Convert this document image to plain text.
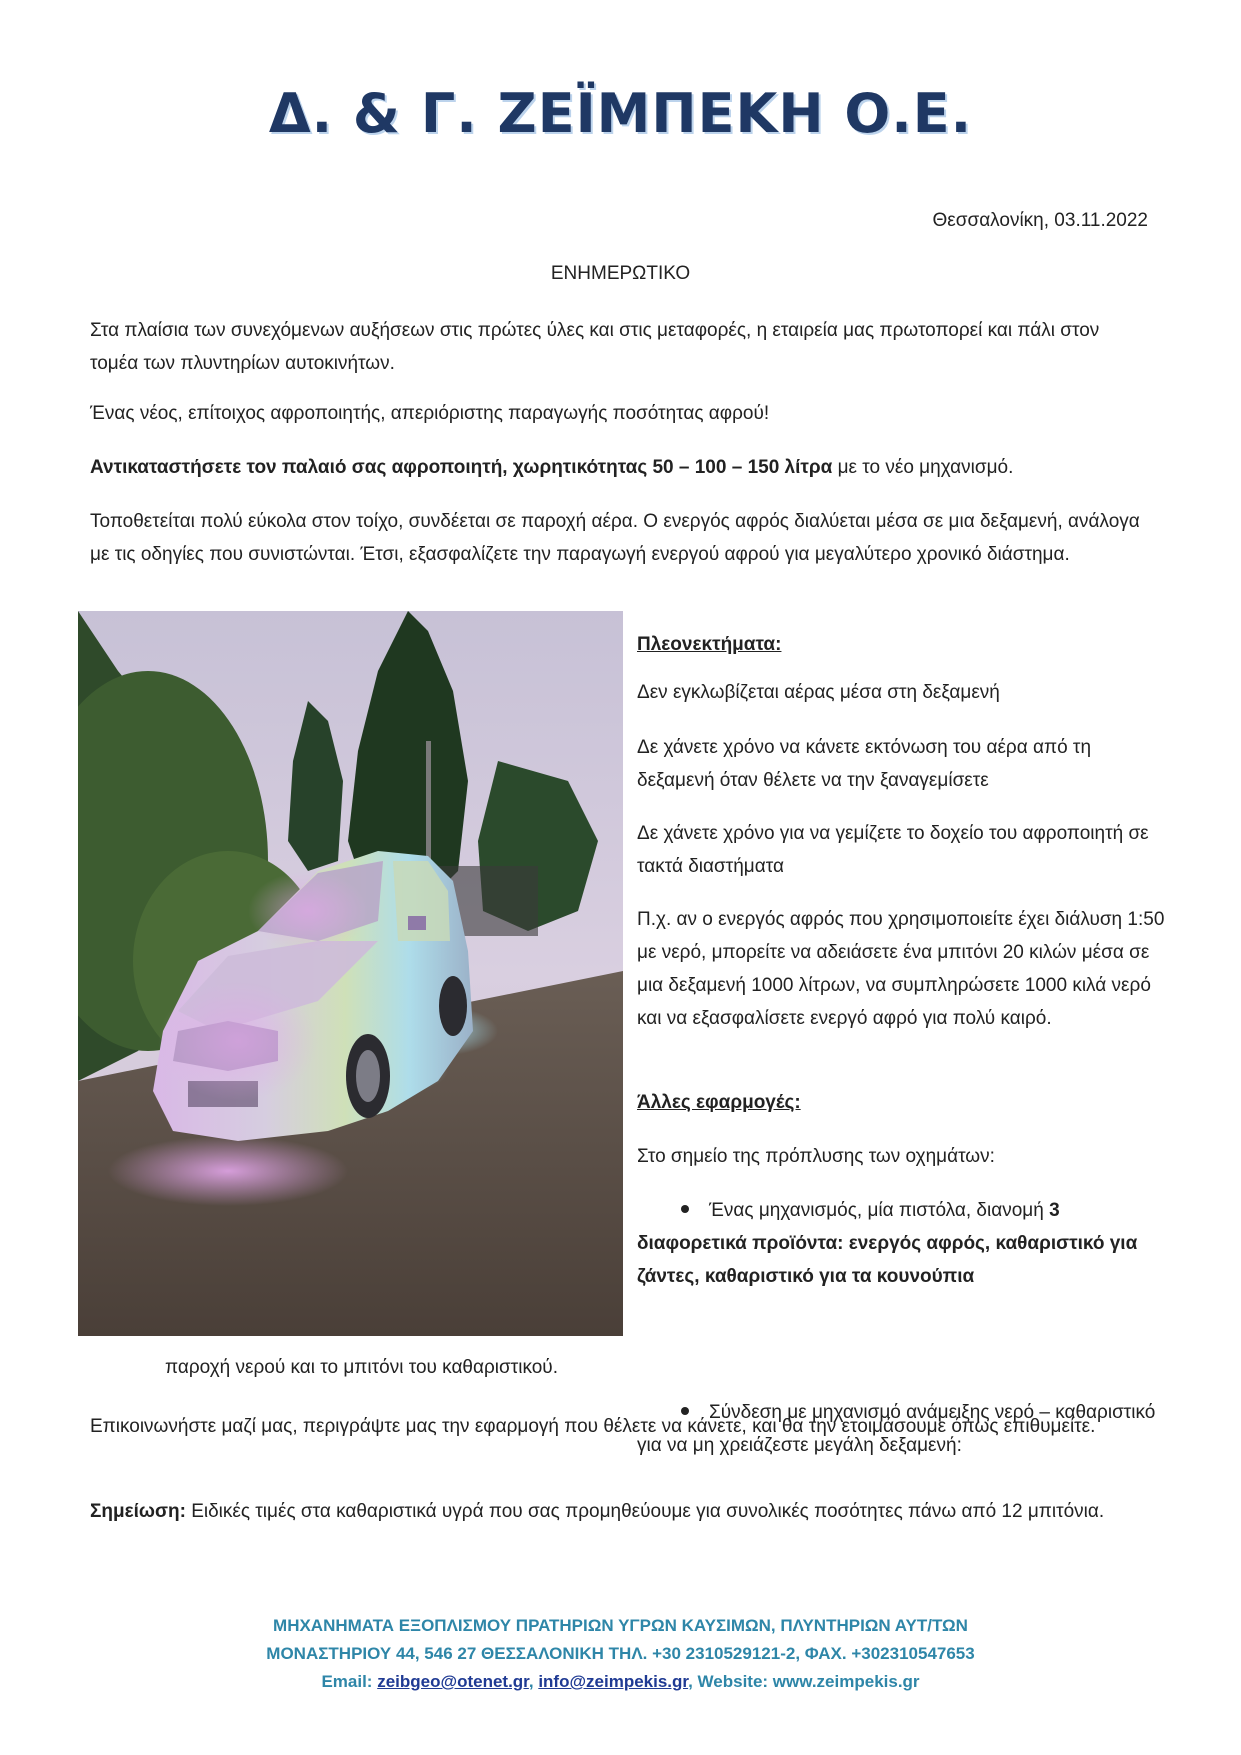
Δ. & Γ. ΖΕΪΜΠΕΚΗ Ο.Ε.
Θεσσαλονίκη, 03.11.2022
ΕΝΗΜΕΡΩΤΙΚΟ
Στα πλαίσια των συνεχόμενων αυξήσεων στις πρώτες ύλες και στις μεταφορές, η εταιρεία μας πρωτοπορεί και πάλι στον τομέα των πλυντηρίων αυτοκινήτων.
Ένας νέος, επίτοιχος αφροποιητής, απεριόριστης παραγωγής ποσότητας αφρού!
Αντικαταστήσετε τον παλαιό σας αφροποιητή, χωρητικότητας 50 – 100 – 150 λίτρα με το νέο μηχανισμό.
Τοποθετείται πολύ εύκολα στον τοίχο, συνδέεται σε παροχή αέρα. Ο ενεργός αφρός διαλύεται μέσα σε μια δεξαμενή, ανάλογα με τις οδηγίες που συνιστώνται. Έτσι, εξασφαλίζετε την παραγωγή ενεργού αφρού για μεγαλύτερο χρονικό διάστημα.
Πλεονεκτήματα:
Δεν εγκλωβίζεται αέρας μέσα στη δεξαμενή
Δε χάνετε χρόνο να κάνετε εκτόνωση του αέρα από τη δεξαμενή όταν θέλετε να την ξαναγεμίσετε
Δε χάνετε χρόνο για να γεμίζετε το δοχείο του αφροποιητή σε τακτά διαστήματα
Π.χ. αν ο ενεργός αφρός που χρησιμοποιείτε έχει διάλυση 1:50 με νερό, μπορείτε να αδειάσετε ένα μπιτόνι 20 κιλών μέσα σε μια δεξαμενή 1000 λίτρων, να συμπληρώσετε 1000 κιλά νερό και να εξασφαλίσετε ενεργό αφρό για πολύ καιρό.
Άλλες εφαρμογές:
Στο σημείο της πρόπλυσης των οχημάτων:
Ένας μηχανισμός, μία πιστόλα, διανομή 3 διαφορετικά προϊόντα: ενεργός αφρός, καθαριστικό για ζάντες, καθαριστικό για τα κουνούπια
Σύνδεση με μηχανισμό ανάμειξης νερό – καθαριστικό για να μη χρειάζεστε μεγάλη δεξαμενή:
παροχή νερού και το μπιτόνι του καθαριστικού.
Επικοινωνήστε μαζί μας, περιγράψτε μας την εφαρμογή που θέλετε να κάνετε, και θα την ετοιμάσουμε όπως επιθυμείτε.
Σημείωση: Ειδικές τιμές στα καθαριστικά υγρά που σας προμηθεύουμε για συνολικές ποσότητες πάνω από 12 μπιτόνια.
ΜΗΧΑΝΗΜΑΤΑ ΕΞΟΠΛΙΣΜΟΥ ΠΡΑΤΗΡΙΩΝ ΥΓΡΩΝ ΚΑΥΣΙΜΩΝ, ΠΛΥΝΤΗΡΙΩΝ ΑΥΤ/ΤΩΝ
ΜΟΝΑΣΤΗΡΙΟΥ 44, 546 27 ΘΕΣΣΑΛΟΝΙΚΗ ΤΗΛ. +30 2310529121-2, ΦΑΧ. +302310547653
Email: zeibgeo@otenet.gr, info@zeimpekis.gr, Website: www.zeimpekis.gr
